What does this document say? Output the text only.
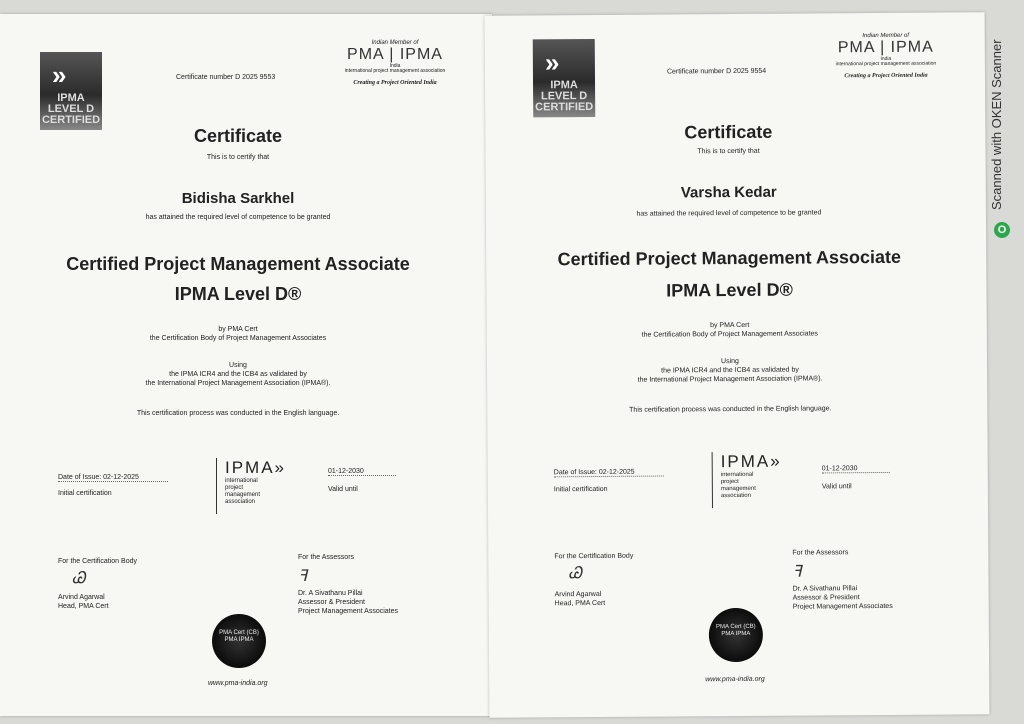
»
IPMA LEVEL D CERTIFIED
Certificate number D 2025 9553
Indian Member of
PMA | IPMA
India
international project management association
Creating a Project Oriented India
Certificate
This is to certify that
Bidisha Sarkhel
has attained the required level of competence to be granted
Certified Project Management Associate
IPMA Level D®
by PMA Cert
the Certification Body of Project Management Associates
Using
the IPMA ICR4 and the ICB4 as validated by
the International Project Management Association (IPMA®).
This certification process was conducted in the English language.
Date of Issue: 02-12-2025
Initial certification
IPMA»
international project management association
01-12-2030
Valid until
For the Certification Body
Ꮚ
Arvind Agarwal
Head, PMA Cert
For the Assessors
ꟻ
Dr. A Sivathanu Pillai
Assessor & President
Project Management Associates
PMA Cert (CB) PMA IPMA
www.pma-india.org
»
IPMA LEVEL D CERTIFIED
Certificate number D 2025 9554
Indian Member of
PMA | IPMA
India
international project management association
Creating a Project Oriented India
Certificate
This is to certify that
Varsha Kedar
has attained the required level of competence to be granted
Certified Project Management Associate
IPMA Level D®
by PMA Cert
the Certification Body of Project Management Associates
Using
the IPMA ICR4 and the ICB4 as validated by
the International Project Management Association (IPMA®).
This certification process was conducted in the English language.
Date of Issue: 02-12-2025
Initial certification
IPMA»
international project management association
01-12-2030
Valid until
For the Certification Body
Ꮚ
Arvind Agarwal
Head, PMA Cert
For the Assessors
ꟻ
Dr. A Sivathanu Pillai
Assessor & President
Project Management Associates
PMA Cert (CB) PMA IPMA
www.pma-india.org
Scanned with OKEN Scanner
O
